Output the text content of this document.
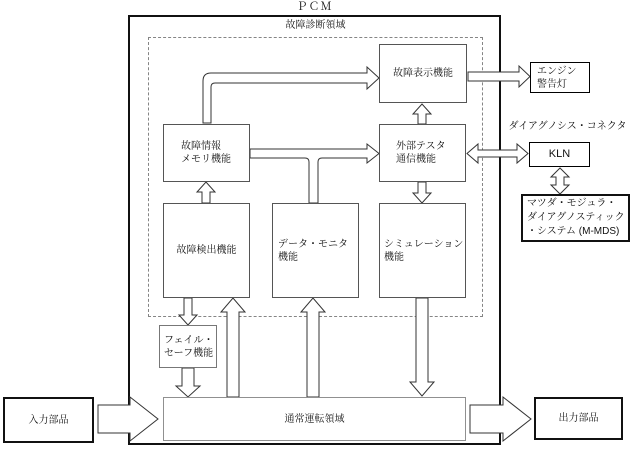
ＰＣＭ
故障診断領域
ダイアグノシス・コネクタ
故障表示機能
故障情報
メモリ機能
外部テスタ
通信機能
故障検出機能
データ・モニタ
機能
シミュレーション
機能
フェイル・
セーフ機能
通常運転領域
入力部品	出力部品
エンジン
警告灯
KLN
マツダ・モジュラ・
ダイアグノスティック
・システム (M-MDS)
